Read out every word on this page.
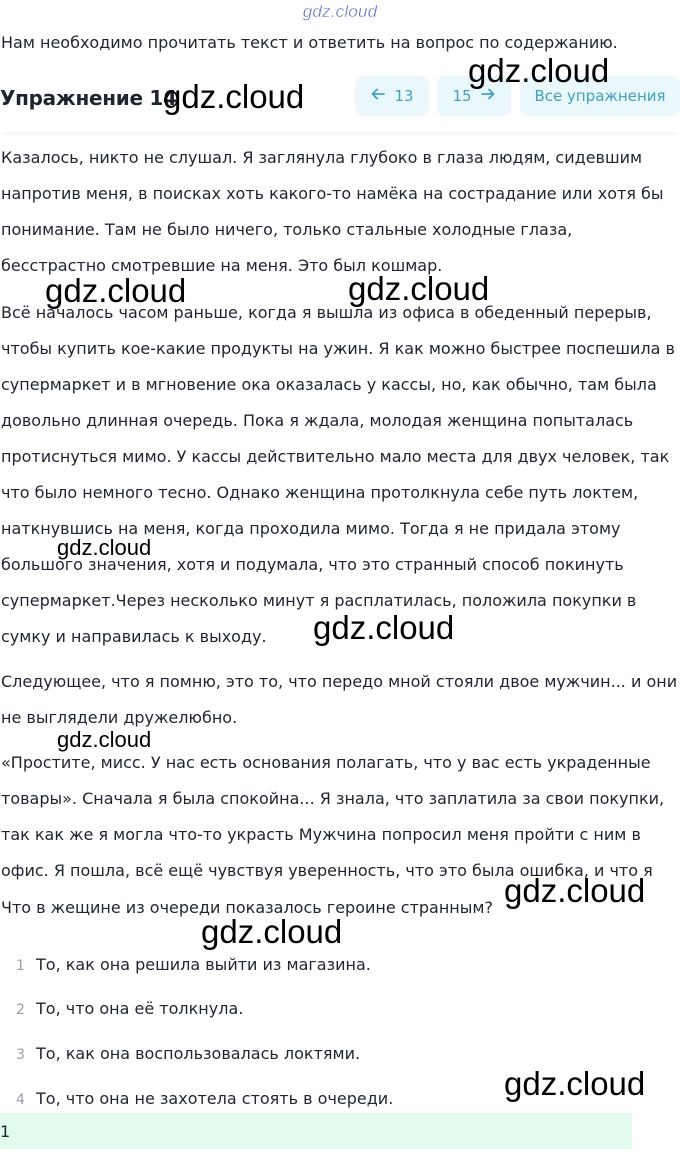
gdz.cloud
Нам необходимо прочитать текст и ответить на вопрос по содержанию.

Упражнение 14	13	15	Все упражнения
Казалось, никто не слушал. Я заглянула глубоко в глаза людям, сидевшим напротив меня, в поисках хоть какого-то намёка на сострадание или хотя бы понимание. Там не было ничего, только стальные холодные глаза, бесстрастно смотревшие на меня. Это был кошмар.
Всё началось часом раньше, когда я вышла из офиса в обеденный перерыв, чтобы купить кое-какие продукты на ужин. Я как можно быстрее поспешила в супермаркет и в мгновение ока оказалась у кассы, но, как обычно, там была довольно длинная очередь. Пока я ждала, молодая женщина попыталась протиснуться мимо. У кассы действительно мало места для двух человек, так что было немного тесно. Однако женщина протолкнула себе путь локтем, наткнувшись на меня, когда проходила мимо. Тогда я не придала этому большого значения, хотя и подумала, что это странный способ покинуть супермаркет.Через несколько минут я расплатилась, положила покупки в сумку и направилась к выходу.
Следующее, что я помню, это то, что передо мной стояли двое мужчин... и они не выглядели дружелюбно.
«Простите, мисс. У нас есть основания полагать, что у вас есть украденные товары». Сначала я была спокойна... Я знала, что заплатила за свои покупки, так как же я могла что-то украсть Мужчина попросил меня пройти с ним в офис. Я пошла, всё ещё чувствуя уверенность, что это была ошибка, и что я
Что в жещине из очереди показалось героине странным?
1 То, как она решила выйти из магазина.
2 То, что она её толкнула.
3 То, как она воспользовалась локтями.
4 То, что она не захотела стоять в очереди.
1
gdz.cloud
gdz.cloud
gdz.cloud	gdz.cloud
gdz.cloud
gdz.cloud
gdz.cloud
gdz.cloud
gdz.cloud
gdz.cloud
